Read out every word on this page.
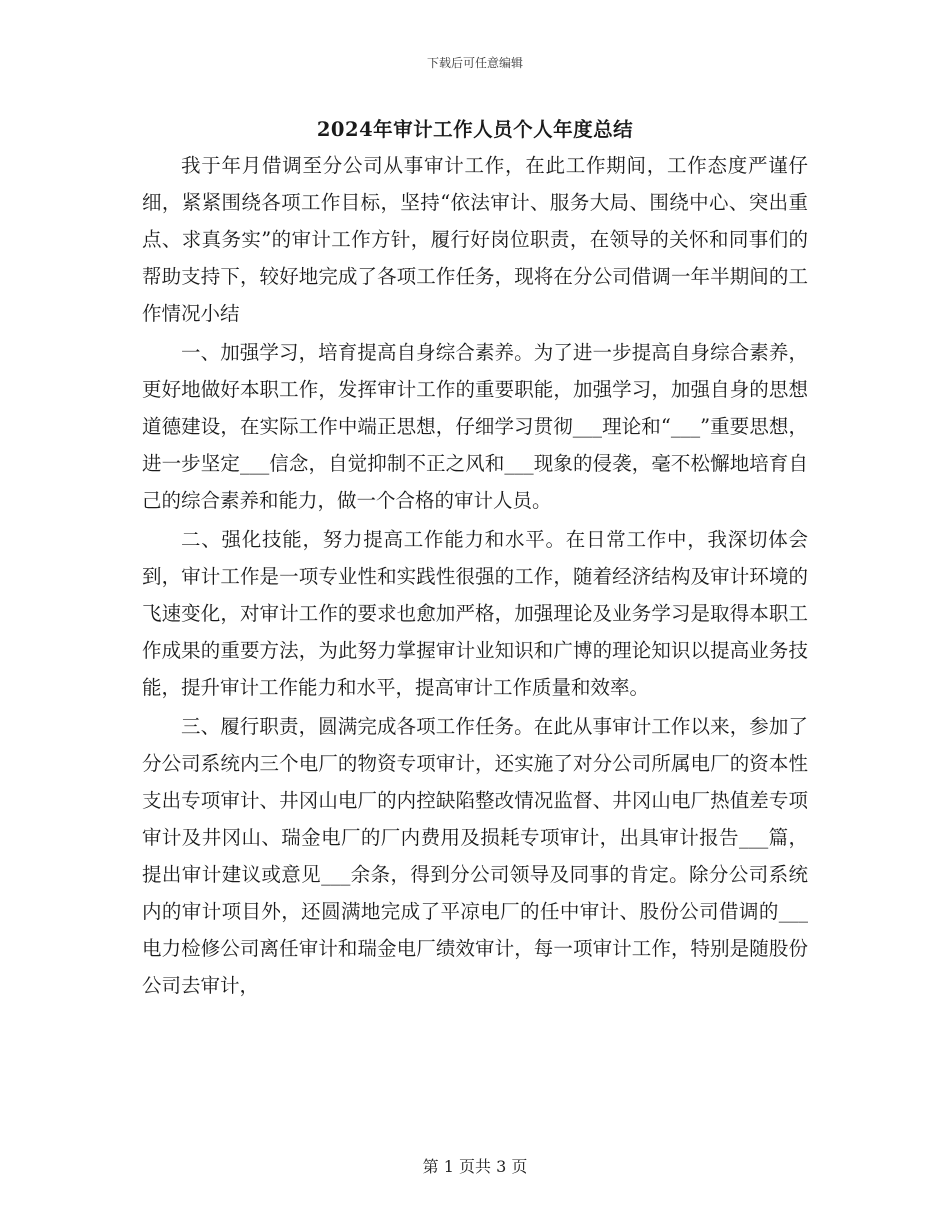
下载后可任意编辑
2024年审计工作人员个人年度总结

我于年月借调至分公司从事审计工作，在此工作期间，工作态度严谨仔细，紧紧围绕各项工作目标，坚持“依法审计、服务大局、围绕中心、突出重点、求真务实”的审计工作方针，履行好岗位职责，在领导的关怀和同事们的帮助支持下，较好地完成了各项工作任务，现将在分公司借调一年半期间的工作情况小结

一、加强学习，培育提高自身综合素养。为了进一步提高自身综合素养，更好地做好本职工作，发挥审计工作的重要职能，加强学习，加强自身的思想道德建设，在实际工作中端正思想，仔细学习贯彻___理论和“___”重要思想，进一步坚定___信念，自觉抑制不正之风和___现象的侵袭，毫不松懈地培育自己的综合素养和能力，做一个合格的审计人员。

二、强化技能，努力提高工作能力和水平。在日常工作中，我深切体会到，审计工作是一项专业性和实践性很强的工作，随着经济结构及审计环境的飞速变化，对审计工作的要求也愈加严格，加强理论及业务学习是取得本职工作成果的重要方法，为此努力掌握审计业知识和广博的理论知识以提高业务技能，提升审计工作能力和水平，提高审计工作质量和效率。

三、履行职责，圆满完成各项工作任务。在此从事审计工作以来，参加了分公司系统内三个电厂的物资专项审计，还实施了对分公司所属电厂的资本性支出专项审计、井冈山电厂的内控缺陷整改情况监督、井冈山电厂热值差专项审计及井冈山、瑞金电厂的厂内费用及损耗专项审计，出具审计报告___篇，提出审计建议或意见___余条，得到分公司领导及同事的肯定。除分公司系统内的审计项目外，还圆满地完成了平凉电厂的任中审计、股份公司借调的___电力检修公司离任审计和瑞金电厂绩效审计，每一项审计工作，特别是随股份公司去审计，

第 1 页共 3 页
